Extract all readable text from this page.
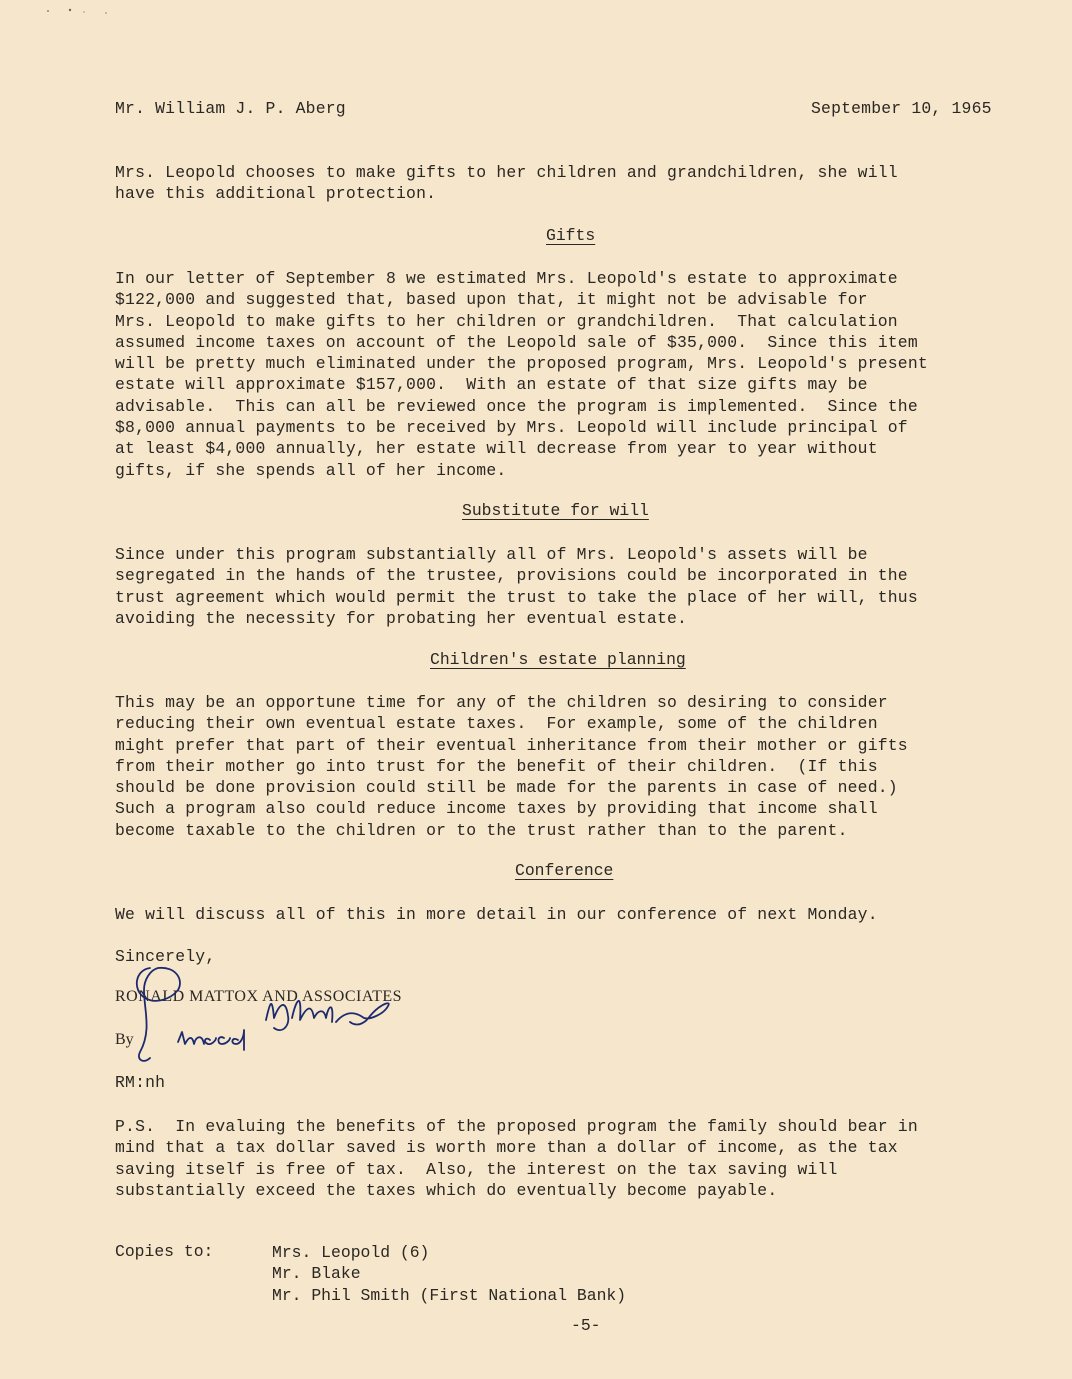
Mr. William J. P. Aberg	September 10, 1965
Mrs. Leopold chooses to make gifts to her children and grandchildren, she will
have this additional protection.
Gifts
In our letter of September 8 we estimated Mrs. Leopold's estate to approximate
$122,000 and suggested that, based upon that, it might not be advisable for
Mrs. Leopold to make gifts to her children or grandchildren.  That calculation
assumed income taxes on account of the Leopold sale of $35,000.  Since this item
will be pretty much eliminated under the proposed program, Mrs. Leopold's present
estate will approximate $157,000.  With an estate of that size gifts may be
advisable.  This can all be reviewed once the program is implemented.  Since the
$8,000 annual payments to be received by Mrs. Leopold will include principal of
at least $4,000 annually, her estate will decrease from year to year without
gifts, if she spends all of her income.
Substitute for will
Since under this program substantially all of Mrs. Leopold's assets will be
segregated in the hands of the trustee, provisions could be incorporated in the
trust agreement which would permit the trust to take the place of her will, thus
avoiding the necessity for probating her eventual estate.
Children's estate planning
This may be an opportune time for any of the children so desiring to consider
reducing their own eventual estate taxes.  For example, some of the children
might prefer that part of their eventual inheritance from their mother or gifts
from their mother go into trust for the benefit of their children.  (If this
should be done provision could still be made for the parents in case of need.)
Such a program also could reduce income taxes by providing that income shall
become taxable to the children or to the trust rather than to the parent.
Conference
We will discuss all of this in more detail in our conference of next Monday.
Sincerely,
RONALD MATTOX AND ASSOCIATES
By
RM:nh
P.S.  In evaluing the benefits of the proposed program the family should bear in
mind that a tax dollar saved is worth more than a dollar of income, as the tax
saving itself is free of tax.  Also, the interest on the tax saving will
substantially exceed the taxes which do eventually become payable.
Copies to:	Mrs. Leopold (6)
Mr. Blake
Mr. Phil Smith (First National Bank)
-5-
